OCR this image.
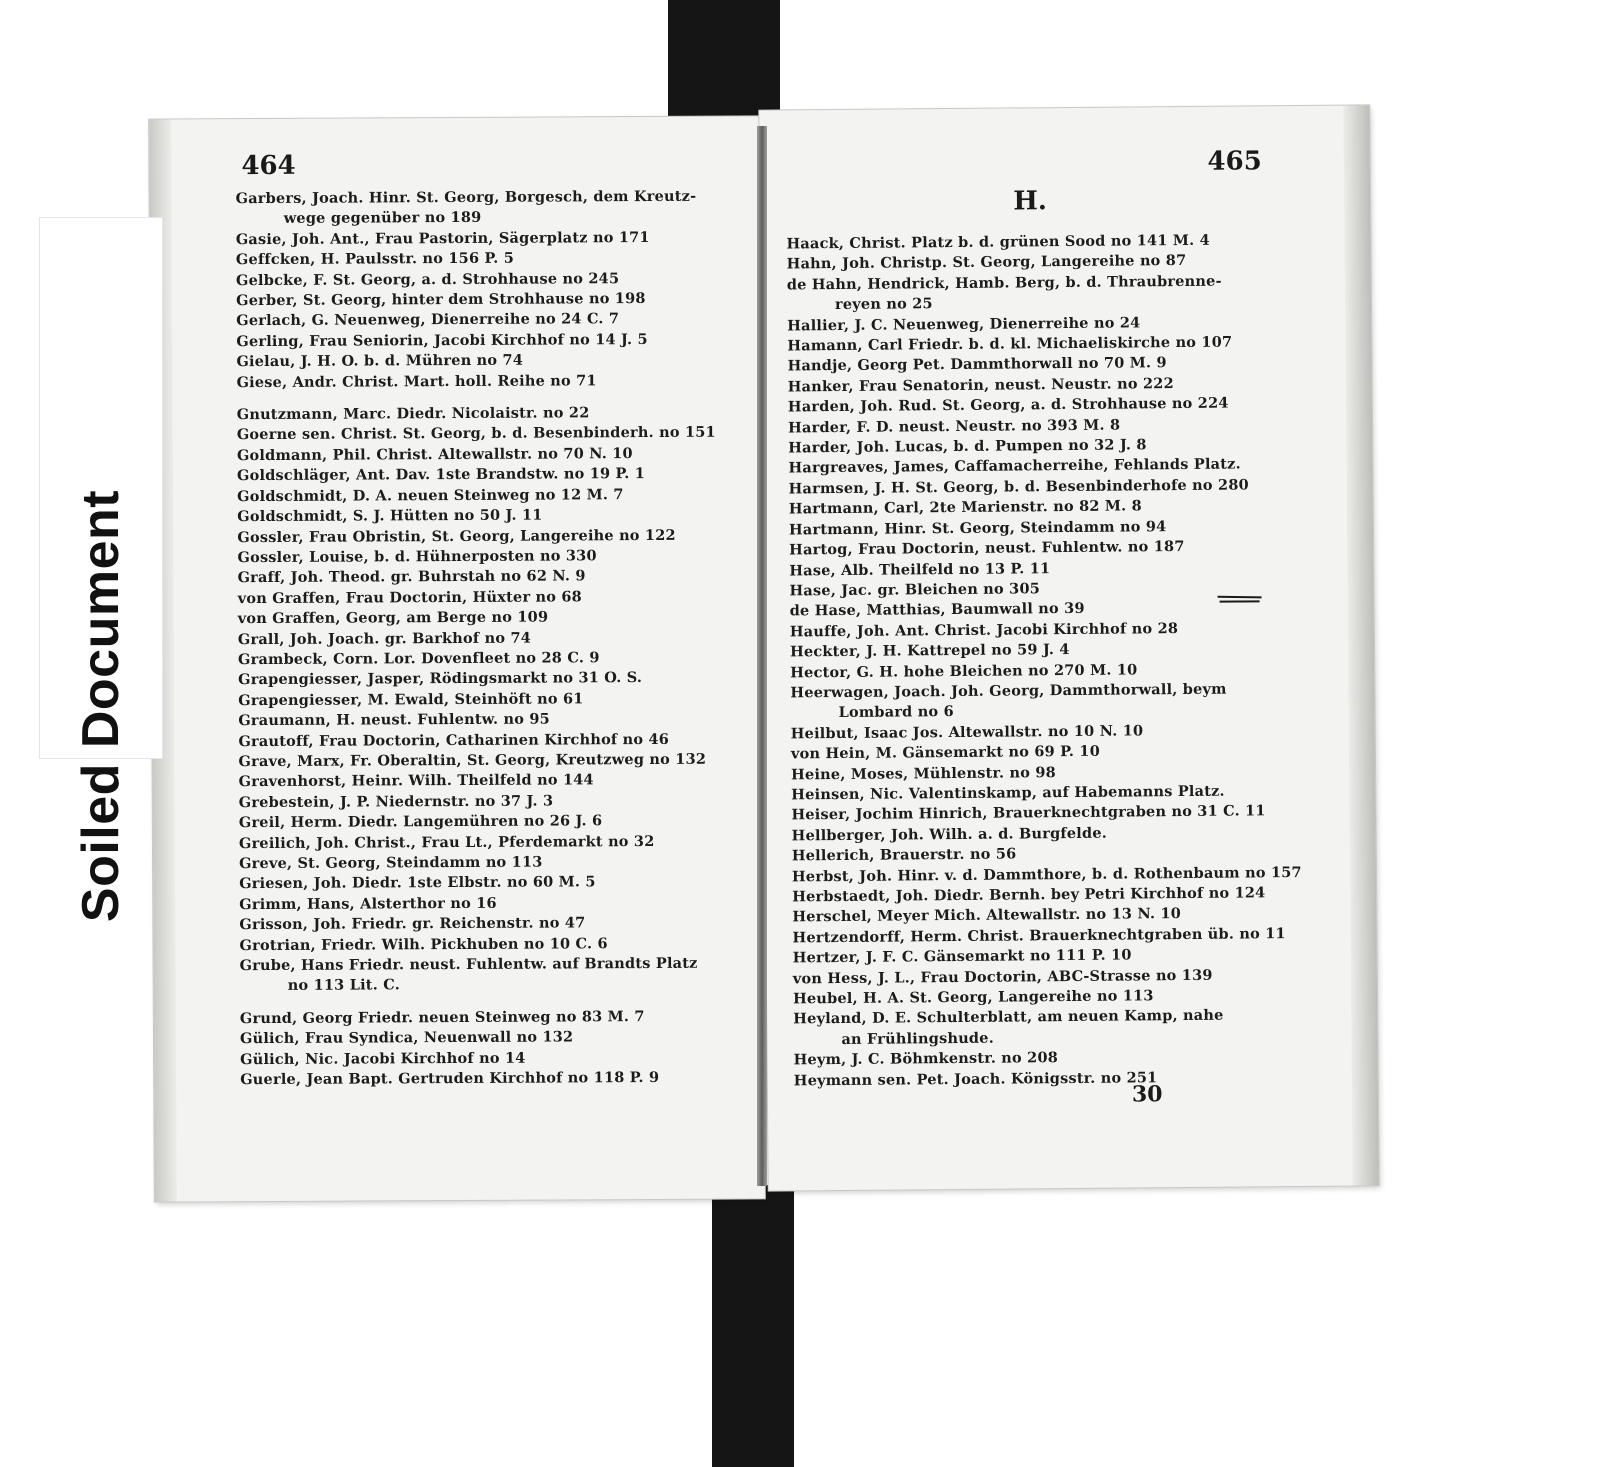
464
Garbers, Joach. Hinr. St. Georg, Borgesch, dem Kreutz-
wege gegenüber no 189
Gasie, Joh. Ant., Frau Pastorin, Sägerplatz no 171
Geffcken, H. Paulsstr. no 156 P. 5
Gelbcke, F. St. Georg, a. d. Strohhause no 245
Gerber, St. Georg, hinter dem Strohhause no 198
Gerlach, G. Neuenweg, Dienerreihe no 24 C. 7
Gerling, Frau Seniorin, Jacobi Kirchhof no 14 J. 5
Gielau, J. H. O. b. d. Mühren no 74
Giese, Andr. Christ. Mart. holl. Reihe no 71
Gnutzmann, Marc. Diedr. Nicolaistr. no 22
Goerne sen. Christ. St. Georg, b. d. Besenbinderh. no 151
Goldmann, Phil. Christ. Altewallstr. no 70 N. 10
Goldschläger, Ant. Dav. 1ste Brandstw. no 19 P. 1
Goldschmidt, D. A. neuen Steinweg no 12 M. 7
Goldschmidt, S. J. Hütten no 50 J. 11
Gossler, Frau Obristin, St. Georg, Langereihe no 122
Gossler, Louise, b. d. Hühnerposten no 330
Graff, Joh. Theod. gr. Buhrstah no 62 N. 9
von Graffen, Frau Doctorin, Hüxter no 68
von Graffen, Georg, am Berge no 109
Grall, Joh. Joach. gr. Barkhof no 74
Grambeck, Corn. Lor. Dovenfleet no 28 C. 9
Grapengiesser, Jasper, Rödingsmarkt no 31 O. S.
Grapengiesser, M. Ewald, Steinhöft no 61
Graumann, H. neust. Fuhlentw. no 95
Grautoff, Frau Doctorin, Catharinen Kirchhof no 46
Grave, Marx, Fr. Oberaltin, St. Georg, Kreutzweg no 132
Gravenhorst, Heinr. Wilh. Theilfeld no 144
Grebestein, J. P. Niedernstr. no 37 J. 3
Greil, Herm. Diedr. Langemühren no 26 J. 6
Greilich, Joh. Christ., Frau Lt., Pferdemarkt no 32
Greve, St. Georg, Steindamm no 113
Griesen, Joh. Diedr. 1ste Elbstr. no 60 M. 5
Grimm, Hans, Alsterthor no 16
Grisson, Joh. Friedr. gr. Reichenstr. no 47
Grotrian, Friedr. Wilh. Pickhuben no 10 C. 6
Grube, Hans Friedr. neust. Fuhlentw. auf Brandts Platz
no 113 Lit. C.
Grund, Georg Friedr. neuen Steinweg no 83 M. 7
Gülich, Frau Syndica, Neuenwall no 132
Gülich, Nic. Jacobi Kirchhof no 14
Guerle, Jean Bapt. Gertruden Kirchhof no 118 P. 9
465
H.
Haack, Christ. Platz b. d. grünen Sood no 141 M. 4
Hahn, Joh. Christp. St. Georg, Langereihe no 87
de Hahn, Hendrick, Hamb. Berg, b. d. Thraubrenne-
reyen no 25
Hallier, J. C. Neuenweg, Dienerreihe no 24
Hamann, Carl Friedr. b. d. kl. Michaeliskirche no 107
Handje, Georg Pet. Dammthorwall no 70 M. 9
Hanker, Frau Senatorin, neust. Neustr. no 222
Harden, Joh. Rud. St. Georg, a. d. Strohhause no 224
Harder, F. D. neust. Neustr. no 393 M. 8
Harder, Joh. Lucas, b. d. Pumpen no 32 J. 8
Hargreaves, James, Caffamacherreihe, Fehlands Platz.
Harmsen, J. H. St. Georg, b. d. Besenbinderhofe no 280
Hartmann, Carl, 2te Marienstr. no 82 M. 8
Hartmann, Hinr. St. Georg, Steindamm no 94
Hartog, Frau Doctorin, neust. Fuhlentw. no 187
Hase, Alb. Theilfeld no 13 P. 11
Hase, Jac. gr. Bleichen no 305
de Hase, Matthias, Baumwall no 39
Hauffe, Joh. Ant. Christ. Jacobi Kirchhof no 28
Heckter, J. H. Kattrepel no 59 J. 4
Hector, G. H. hohe Bleichen no 270 M. 10
Heerwagen, Joach. Joh. Georg, Dammthorwall, beym
Lombard no 6
Heilbut, Isaac Jos. Altewallstr. no 10 N. 10
von Hein, M. Gänsemarkt no 69 P. 10
Heine, Moses, Mühlenstr. no 98
Heinsen, Nic. Valentinskamp, auf Habemanns Platz.
Heiser, Jochim Hinrich, Brauerknechtgraben no 31 C. 11
Hellberger, Joh. Wilh. a. d. Burgfelde.
Hellerich, Brauerstr. no 56
Herbst, Joh. Hinr. v. d. Dammthore, b. d. Rothenbaum no 157
Herbstaedt, Joh. Diedr. Bernh. bey Petri Kirchhof no 124
Herschel, Meyer Mich. Altewallstr. no 13 N. 10
Hertzendorff, Herm. Christ. Brauerknechtgraben üb. no 11
Hertzer, J. F. C. Gänsemarkt no 111 P. 10
von Hess, J. L., Frau Doctorin, ABC-Strasse no 139
Heubel, H. A. St. Georg, Langereihe no 113
Heyland, D. E. Schulterblatt, am neuen Kamp, nahe
an Frühlingshude.
Heym, J. C. Böhmkenstr. no 208
Heymann sen. Pet. Joach. Königsstr. no 251
30
Soiled Document
